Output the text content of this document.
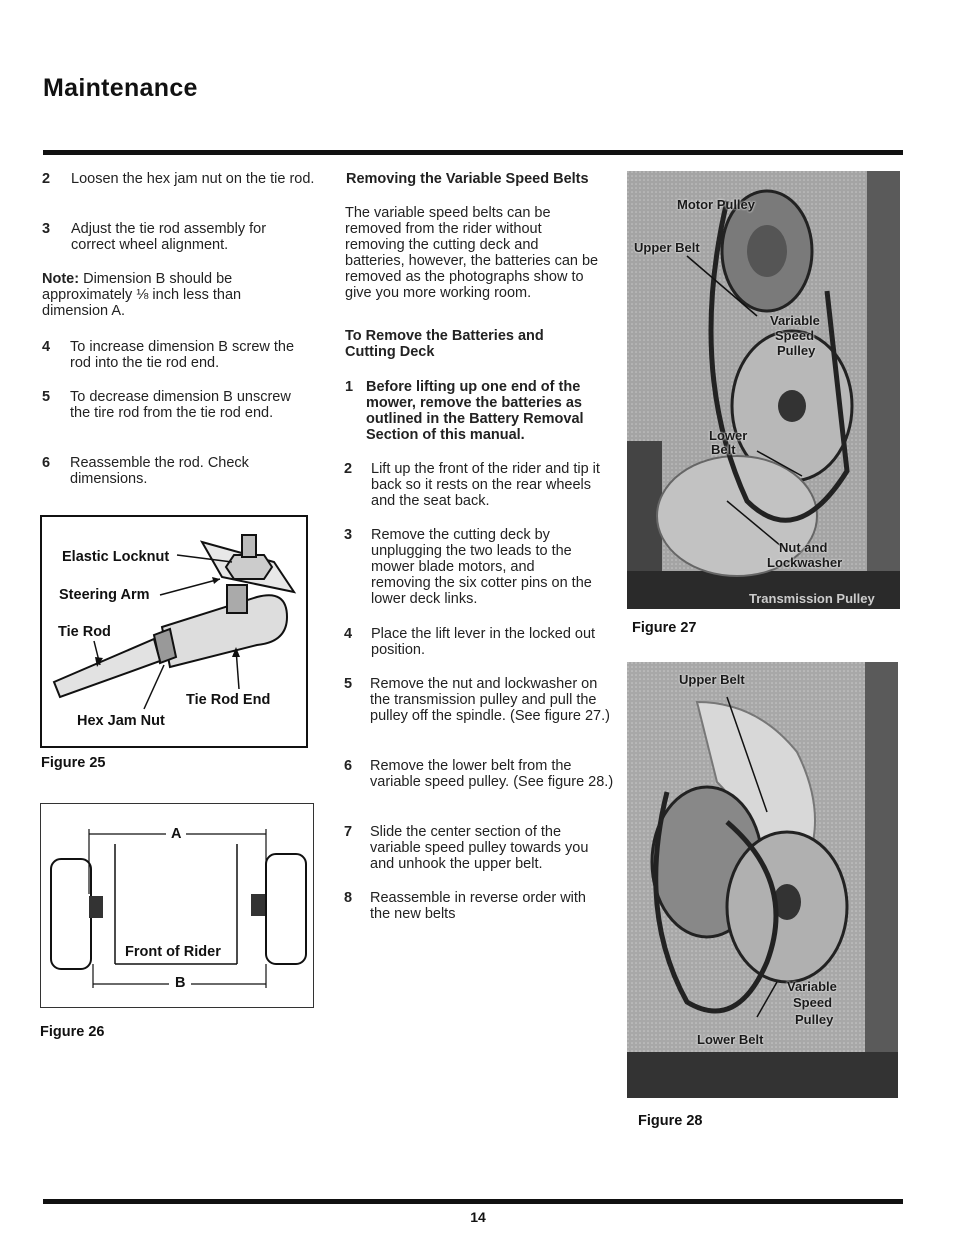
Maintenance
2 Loosen the hex jam nut on the tie rod.
3 Adjust the tie rod assembly for correct wheel alignment.
Note: Dimension B should be approximately ⅛ inch less than dimension A.
4 To increase dimension B screw the rod into the tie rod end.
5 To decrease dimension B unscrew the tire rod from the tie rod end.
6 Reassemble the rod. Check dimensions.
Elastic Locknut
Steering Arm
Tie Rod
Tie Rod End
Hex Jam Nut
Figure 25
A
Front of Rider
B
Figure 26
Removing the Variable Speed Belts
The variable speed belts can be removed from the rider without removing the cutting deck and batteries, however, the batteries can be removed as the photographs show to give you more working room.
To Remove the Batteries and Cutting Deck
1 Before lifting up one end of the mower, remove the batteries as outlined in the Battery Removal Section of this manual.
2 Lift up the front of the rider and tip it back so it rests on the rear wheels and the seat back.
3 Remove the cutting deck by unplugging the two leads to the mower blade motors, and removing the six cotter pins on the lower deck links.
4 Place the lift lever in the locked out position.
5 Remove the nut and lockwasher on the transmission pulley and pull the pulley off the spindle. (See figure 27.)
6 Remove the lower belt from the variable speed pulley. (See figure 28.)
7 Slide the center section of the variable speed pulley towards you and unhook the upper belt.
8 Reassemble in reverse order with the new belts
Motor Pulley
Upper Belt
Variable
Speed
Pulley
Lower
Belt
Nut and
Lockwasher
Transmission Pulley
Figure 27
Upper Belt
Variable
Speed
Pulley
Lower Belt
Figure 28
14
